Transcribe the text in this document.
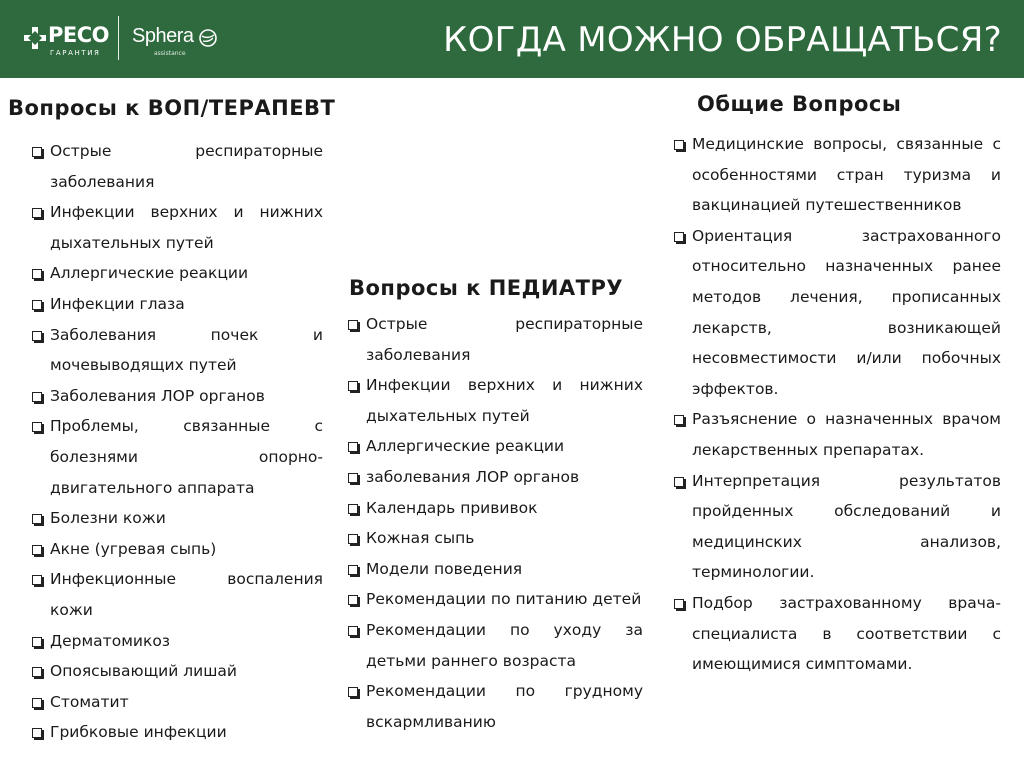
PECO
ГАРАНТИЯ
Sphera
assistance	КОГДА МОЖНО ОБРАЩАТЬСЯ?
Вопросы к ВОП/ТЕРАПЕВТ	Общие Вопросы
Вопросы к ПЕДИАТРУ
Острые респираторные заболевания
Инфекции верхних и нижних дыхательных путей
Аллергические реакции
Инфекции глаза
Заболевания почек и мочевыводящих путей
Заболевания ЛОР органов
Проблемы, связанные с болезнями опорно-двигательного аппарата
Болезни кожи
Акне (угревая сыпь)
Инфекционные воспаления кожи
Дерматомикоз
Опоясывающий лишай
Стоматит
Грибковые инфекции
Острые респираторные заболевания
Инфекции верхних и нижних дыхательных путей
Аллергические реакции
заболевания ЛОР органов
Календарь прививок
Кожная сыпь
Модели поведения
Рекомендации по питанию детей
Рекомендации по уходу за детьми раннего возраста
Рекомендации по грудному вскармливанию
Медицинские вопросы, связанные с особенностями стран туризма и вакцинацией путешественников
Ориентация застрахованного относительно назначенных ранее методов лечения, прописанных лекарств, возникающей несовместимости и/или побочных эффектов.
Разъяснение о назначенных врачом лекарственных препаратах.
Интерпретация результатов пройденных обследований и медицинских анализов, терминологии.
Подбор застрахованному врача-специалиста в соответствии с имеющимися симптомами.
